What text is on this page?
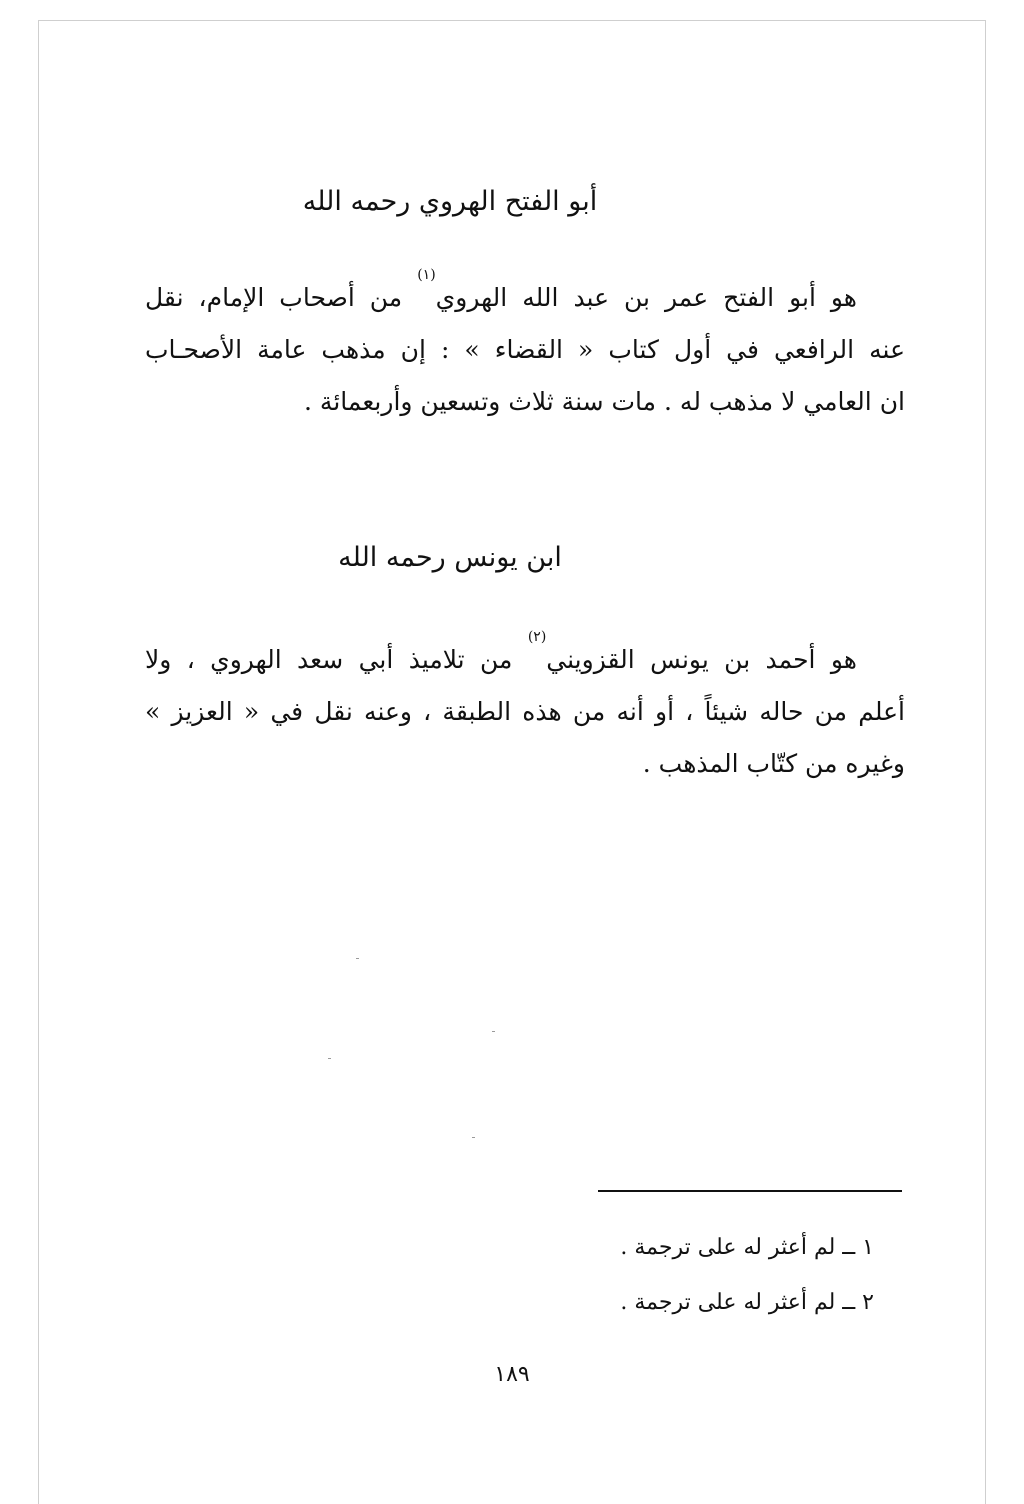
أبو الفتح الهروي رحمه الله
هو أبو الفتح عمر بن عبد الله الهروي$^{(١)}$ من أصحاب الإمام، نقل
عنه الرافعي في أول كتاب « القضاء » : إن مذهب عامة الأصحـاب
ان العامي لا مذهب له . مات سنة ثلاث وتسعين وأربعمائة .
ابن يونس رحمه الله
هو أحمد بن يونس القزويني$^{(٢)}$ من تلاميذ أبي سعد الهروي ، ولا
أعلم من حاله شيئاً ، أو أنه من هذه الطبقة ، وعنه نقل في « العزيز »
وغيره من كتّاب المذهب .
١ ــ لم أعثر له على ترجمة .
٢ ــ لم أعثر له على ترجمة .
١٨٩
